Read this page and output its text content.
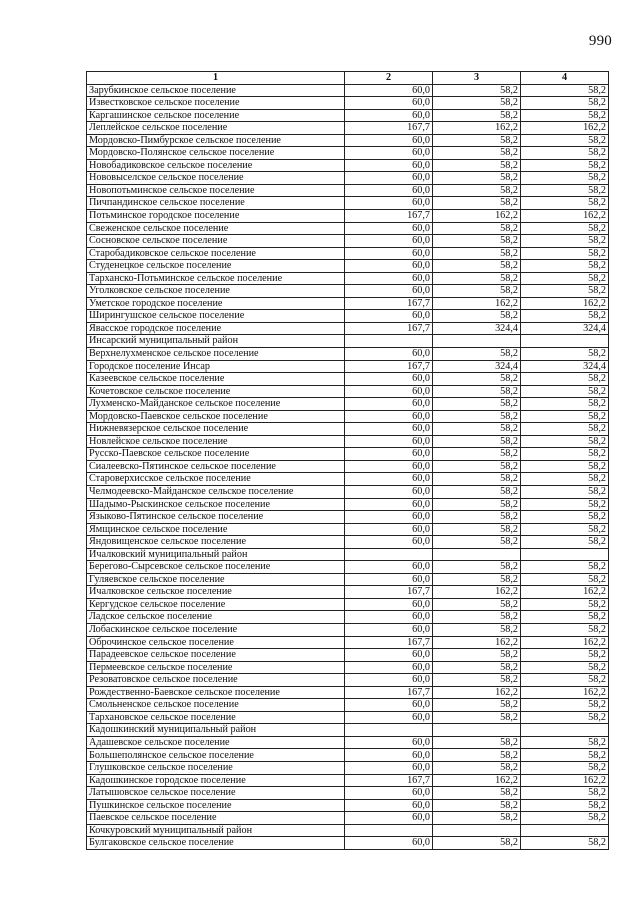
990
1	2	3	4
Зарубкинское сельское поселение	60,0	58,2	58,2
Известковское сельское поселение	60,0	58,2	58,2
Каргашинское сельское поселение	60,0	58,2	58,2
Леплейское сельское поселение	167,7	162,2	162,2
Мордовско-Пимбурское сельское поселение	60,0	58,2	58,2
Мордовско-Полянское сельское поселение	60,0	58,2	58,2
Новобадиковское сельское поселение	60,0	58,2	58,2
Нововыселское сельское поселение	60,0	58,2	58,2
Новопотьминское сельское поселение	60,0	58,2	58,2
Пичпандинское сельское поселение	60,0	58,2	58,2
Потьминское городское поселение	167,7	162,2	162,2
Свеженское сельское поселение	60,0	58,2	58,2
Сосновское сельское поселение	60,0	58,2	58,2
Старобадиковское сельское поселение	60,0	58,2	58,2
Студенецкое сельское поселение	60,0	58,2	58,2
Тарханско-Потьминское сельское поселение	60,0	58,2	58,2
Уголковское сельское поселение	60,0	58,2	58,2
Уметское городское поселение	167,7	162,2	162,2
Ширингушское сельское поселение	60,0	58,2	58,2
Явасское городское поселение	167,7	324,4	324,4
Инсарский муниципальный район			
Верхнелухменское сельское поселение	60,0	58,2	58,2
Городское поселение Инсар	167,7	324,4	324,4
Казеевское сельское поселение	60,0	58,2	58,2
Кочетовское сельское поселение	60,0	58,2	58,2
Лухменско-Майданское сельское поселение	60,0	58,2	58,2
Мордовско-Паевское сельское поселение	60,0	58,2	58,2
Нижневязерское сельское поселение	60,0	58,2	58,2
Новлейское сельское поселение	60,0	58,2	58,2
Русско-Паевское сельское поселение	60,0	58,2	58,2
Сиалеевско-Пятинское сельское поселение	60,0	58,2	58,2
Староверхисское сельское поселение	60,0	58,2	58,2
Челмодеевско-Майданское сельское поселение	60,0	58,2	58,2
Шадымо-Рыскинское сельское поселение	60,0	58,2	58,2
Языково-Пятинское сельское поселение	60,0	58,2	58,2
Ямщинское сельское поселение	60,0	58,2	58,2
Яндовищенское сельское поселение	60,0	58,2	58,2
Ичалковский муниципальный район			
Берегово-Сырсевское сельское поселение	60,0	58,2	58,2
Гуляевское сельское поселение	60,0	58,2	58,2
Ичалковское сельское поселение	167,7	162,2	162,2
Кергудское сельское поселение	60,0	58,2	58,2
Ладское сельское поселение	60,0	58,2	58,2
Лобаскинское сельское поселение	60,0	58,2	58,2
Оброчинское сельское поселение	167,7	162,2	162,2
Парадеевское сельское поселение	60,0	58,2	58,2
Пермеевское сельское поселение	60,0	58,2	58,2
Резоватовское сельское поселение	60,0	58,2	58,2
Рождественно-Баевское сельское поселение	167,7	162,2	162,2
Смольненское сельское поселение	60,0	58,2	58,2
Тархановское сельское поселение	60,0	58,2	58,2
Кадошкинский муниципальный район			
Адашевское сельское поселение	60,0	58,2	58,2
Большеполянское сельское поселение	60,0	58,2	58,2
Глушковское сельское поселение	60,0	58,2	58,2
Кадошкинское городское поселение	167,7	162,2	162,2
Латышовское сельское поселение	60,0	58,2	58,2
Пушкинское сельское поселение	60,0	58,2	58,2
Паевское сельское поселение	60,0	58,2	58,2
Кочкуровский муниципальный район			
Булгаковское сельское поселение	60,0	58,2	58,2
